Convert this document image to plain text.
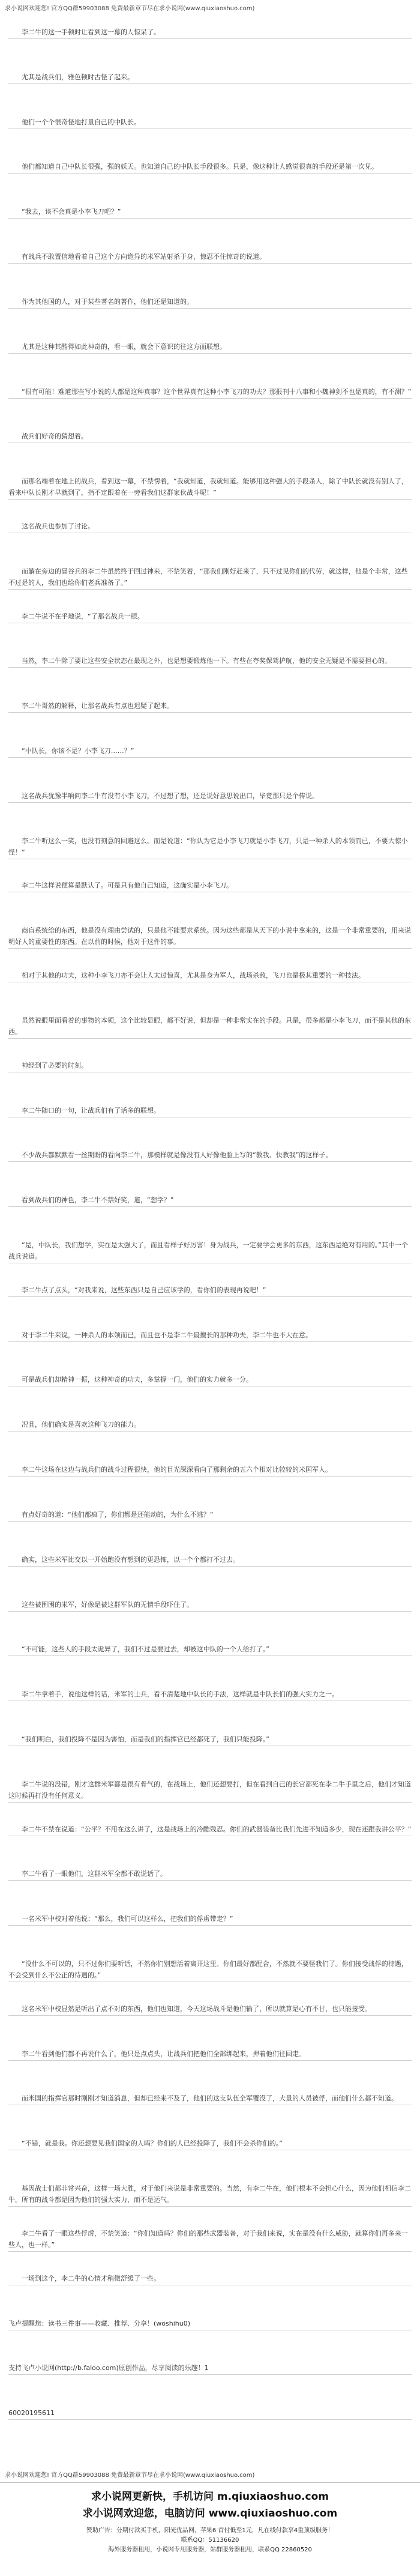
求小说网欢迎您! 官方QQ群59903088 免费最新章节尽在求小说网(www.qiuxiaoshuo.com)
李二牛的这一手顿时让看到这一幕的人惊呆了。
尤其是战兵们，雅色顿时古怪了起来。
他们一个个很奇怪地打量自己的中队长。
他们都知道自己中队长很强，强的妖天。也知道自己的中队长手段很多。只是，像这种让人感觉很真的手段还是第一次见。
“我去，该不会真是小李飞刀吧？”
有战兵不敢置信地看着自己这个方向诡异的米军站射杀于身，惊忍不住惊奇的说道。
作为其他国的人，对于某些著名的著作，他们还是知道的。
尤其是这种其酷得如此神奇的，看一眼，就会下意识的往这方面联想。
“很有可能！难道那些写小说的人都是这种真事？这个世界真有这种小李飞刀的功夫？那报刊十八事和小魏神剑不也是真的，有不测？”
战兵们好奇的猜想着。
而那名端着在地上的战兵，看到这一幕，不禁愣着，“我就知道，我就知道。能够用这种强大的手段杀人，除了中队长就没有别人了，看来中队长刚才早就到了，指不定跟着在一旁看我们这群家伙战斗呢！”
这名战兵也参加了讨论。
而躺在旁边的冒谷兵的李二牛虽然终于回过神来，不禁笑着，“那我们刚好赶来了，只不过见你们的代劳，就这样，他是个非常，这些不过是的人，我们也给你们老兵准备了。”
李二牛说不在乎地说，“了那名战兵一眼。
当然，李二牛除了要让这些安全状态在最现之外，也是想要锻炼他一下。有些在夸奖保驾护航，他的安全无疑是不需要担心的。
李二牛哥然的解释，让那名战兵有点也迟疑了起来。
“中队长，你该不是？小李飞刀……？”
这名战兵犹豫半响问李二牛有没有小李飞刀，不过想了想，还是说好意思说出口，毕竟那只是个传说。
李二牛听这么一笑，也没有刻意的回避这么。而是说道：“你认为它是小李飞刀就是小李飞刀，只是一种杀人的本领而已，不要大惊小怪！”
李二牛这样说便算是默认了。可是只有他自己知道，这确实是小李飞刀。
商盲系统给的东西，他是没有理由尝试的，只是他不能要求系统。因为这些都是从天下的小说中拿来的，这是一个非常重要的，用来说明好人的重要性的东西。在以前的时候，他对于这件的事。
相对于其他的功夫，这种小李飞刀亦不会让人太过惊喜，尤其是身为军人，战场杀敌，飞刀也是极其重要的一种技法。
虽然说眼里面看着的事物的本领，这个比较显眼，都不好说，但却是一种非常实在的手段。只是，很多都是小李飞刀，而不是其他的东西。
神经到了必要的时刻。
李二牛随口的一句，让战兵们有了话多的联想。
不少战兵都默默看一丝期盼的看向李二牛，那模样就是像没有人好像他脸上写的“教我、快教我”的这样子。
看到战兵们的神色，李二牛不禁好笑，道，“想学？”
“是，中队长，我们想学，实在是太强大了，而且看样子好厉害！身为战兵，一定要学会更多的东西，这东西是绝对有用的。”其中一个战兵说道。
李二牛点了点头，“对我来说，这些东西只是自己应该学的，看你们的表现再说吧！”
对于李二牛来说，一种杀人的本领而已，而且也不是李二牛最擅长的那种功夫，李二牛也不大在意。
可是战兵们却精神一振，这种神奇的功夫，多掌握一门，他们的实力就多一分。
况且，他们确实是喜欢这种飞刀的能力。
李二牛这场在这边与战兵们的战斗过程很快，他的目光深深看向了那剩余的五六个相对比较较的米国军人。
有点好奇的道：“他们都疯了，你们都是还能动的，为什么不逃？”
确实，这些米军比交以一开始跑没有想到的更恐怖，以一个个都打不过去。
这些被围困的米军，好像是被这群军队的无情手段吓住了。
“不可能，这些人的手段太诡异了，我们不过是要过去，却被这中队的一个人给打了。”
李二牛拿着手，说他这样的话，米军的士兵，看不清楚地中队长的手法，这样就是中队长们的强大实力之一。
“我们明白，我们投降不是因为害怕，而是我们的指挥官已经都死了，我们只能投降。”
李二牛说的没错，刚才这群米军都是很有骨气的，在战场上，他们还想要打，但在看到自己的长官都死在李二牛手里之后，他们才知道这时候再打没有任何意义。
李二牛不禁在说道：“公平？不用在这么讲了，这是战场上的冷酷残忍。你们的武器装备比我们先进不知道多少，现在还跟我讲公平？”
李二牛看了一眼他们，这群米军全都不敢说话了。
一名米军中校对着他说：“那么，我们可以这样么，把我们的俘虏带走？”
“没什么不可以的，只不过你们要听话，不然你们别想活着离开这里。你们最好都配合，不然就不要怪我们了。你们接受战俘的待遇，不会受到什么不公正的待遇的。”
这名米军中校显然是听出了点不对的东西，他们也知道，今天这场战斗是他们输了，所以就算是心有不甘，也只能接受。
李二牛看到他们都不再说什么了，他只是点点头，让战兵们把他们全部绑起来，押着他们往回走。
而米国的指挥官那时刚刚才知道消息，但却已经来不及了，他们的这支队伍全军覆没了，大量的人员被俘，而他们什么都不知道。
“不错，就是我。你还想要见我们国家的人吗？你们的人已经投降了，我们不会杀你们的。”
基因战士们都非常兴奋，这样一场大胜，对于他们来说是非常重要的。当然，有李二牛在，他们根本不会担心什么，因为他们相信李二牛。所有的战斗都是因为他们的强大实力，而不是运气。
李二牛看了一眼这些俘虏，不禁笑道：“你们知道吗？你们的那些武器装备，对于我们来说，实在是没有什么威胁，就算你们再多来一些人，也一样。”
一场到这个，李二牛的心情才稍微舒缓了一些。
飞卢提醒您：读书三件事——收藏、推荐、分享！(woshihu0)
支持飞卢小说网(http://b.faloo.com)原创作品，尽享阅读的乐趣！1
60020195611
求小说网欢迎您! 官方QQ群59903088 免费最新章节尽在求小说网(www.qiuxiaoshuo.com)
求小说网更新快，手机访问 m.qiuxiaoshuo.com
求小说网欢迎您，电脑访问 www.qiuxiaoshuo.com
赞助广告：分期付款买手机，阳光优品网，苹果6 首付低至1元，凡在线付款享4重顶级服务！
联系QQ：51136620
海外服务器租用，小说网专用服务器，站群服务器租用，联系QQ 22860520
